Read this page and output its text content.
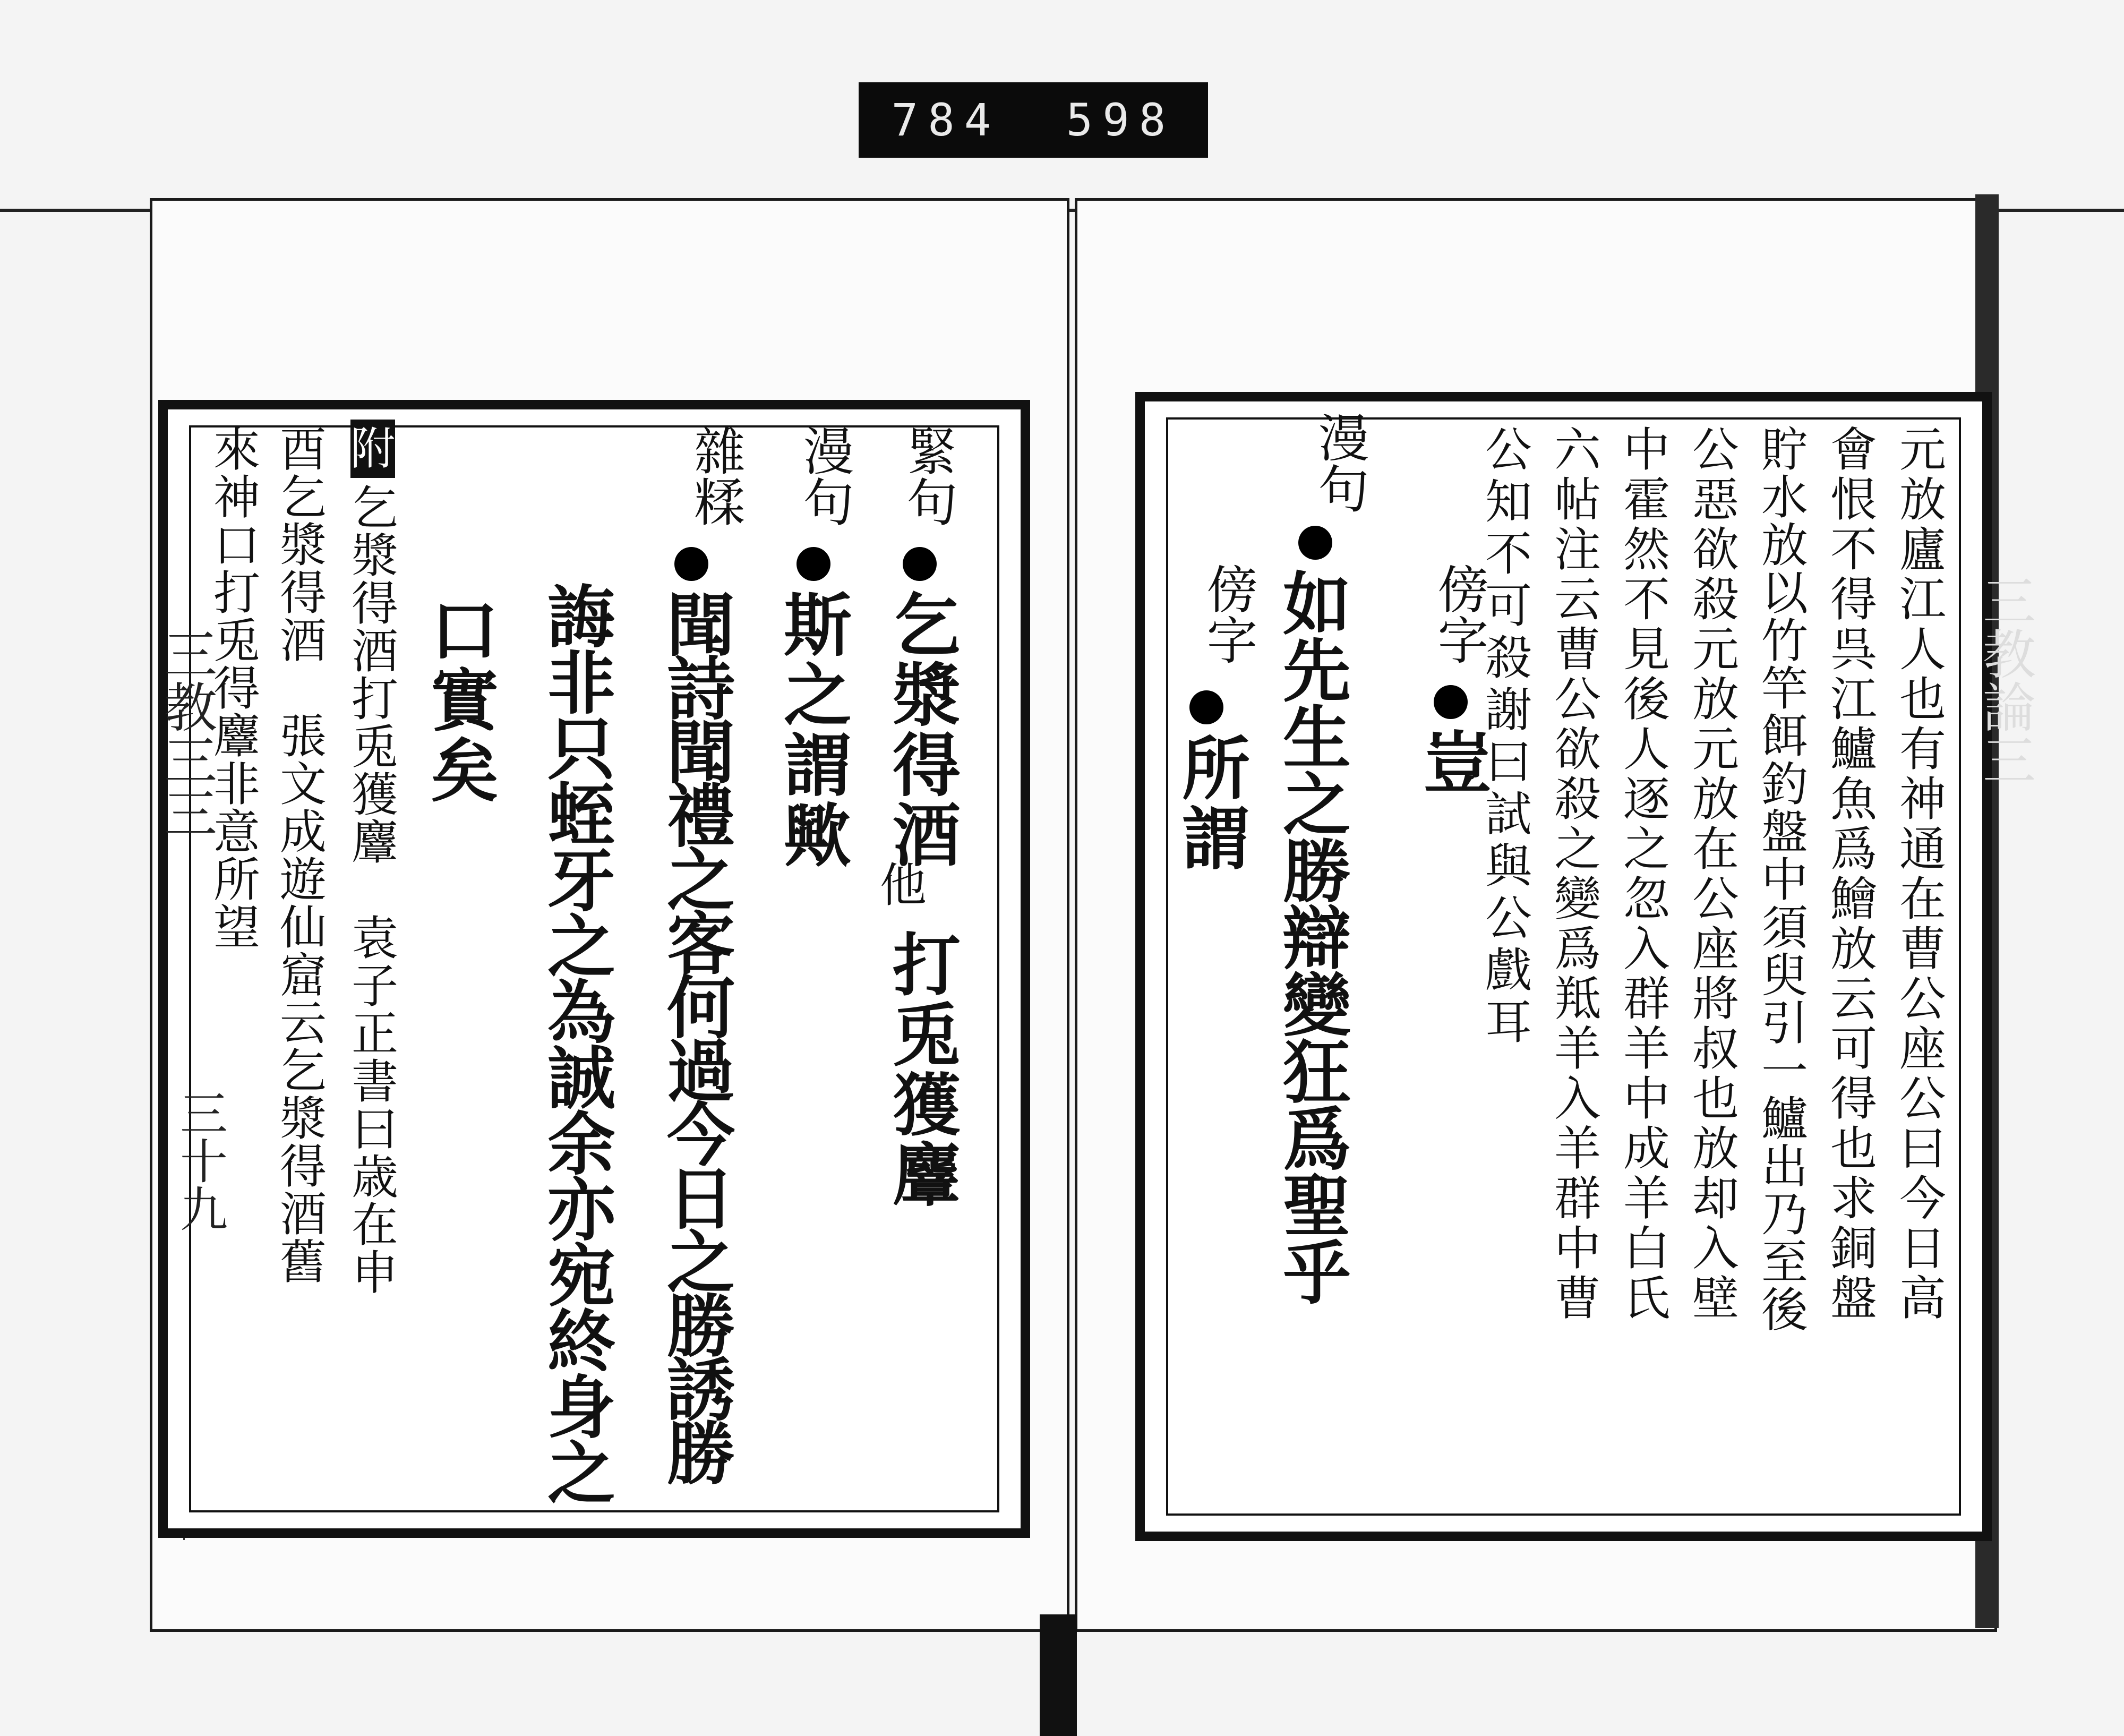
784 598
三教三三
三十九
緊句
乞漿得酒
他
打兎獲麞
漫句
斯之謂歟
雜糅
聞詩聞禮之客何過今日之勝誘勝
誨非只蛭牙之為誠余亦宛終身之
口實矣
附
乞漿得酒打兎獲麞　袁子正書曰歳在申
酉乞漿得酒　張文成遊仙窟云乞漿得酒舊
來神口打兎得麞非意所望	三教論三
元放廬江人也有神通在曹公座公曰今日高
會恨不得呉江鱸魚爲鱠放云可得也求銅盤
貯水放以竹竿餌釣盤中須臾引一鱸出乃至後
公惡欲殺元放元放在公座將叔也放却入壁
中霍然不見後人逐之忽入群羊中成羊白氏
六帖注云曹公欲殺之變爲羝羊入羊群中曹
公知不可殺謝曰試與公戲耳
傍字
豈
漫句
如先生之勝辯變狂爲聖乎
傍字
所謂
